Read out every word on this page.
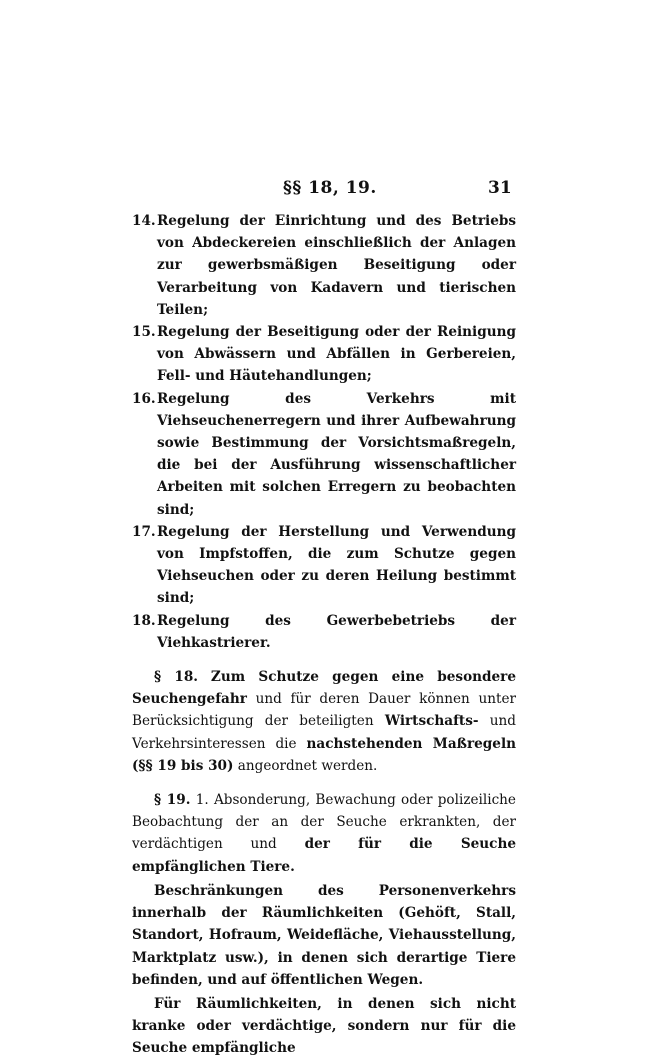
§§ 18, 19.	31
14. Regelung der Einrichtung und des Betriebs von Abdeckereien einschließlich der Anlagen zur gewerbsmäßigen Beseitigung oder Verarbeitung von Kadavern und tierischen Teilen;
15. Regelung der Beseitigung oder der Reinigung von Abwässern und Abfällen in Gerbereien, Fell- und Häutehandlungen;
16. Regelung des Verkehrs mit Viehseuchenerregern und ihrer Aufbewahrung sowie Bestimmung der Vorsichtsmaßregeln, die bei der Ausführung wissenschaftlicher Arbeiten mit solchen Erregern zu beobachten sind;
17. Regelung der Herstellung und Verwendung von Impfstoffen, die zum Schutze gegen Viehseuchen oder zu deren Heilung bestimmt sind;
18. Regelung des Gewerbebetriebs der Viehkastrierer.
§ 18. Zum Schutze gegen eine besondere Seuchengefahr und für deren Dauer können unter Berücksichtigung der beteiligten Wirtschafts- und Verkehrsinteressen die nachstehenden Maßregeln (§§ 19 bis 30) angeordnet werden.
§ 19. 1. Absonderung, Bewachung oder polizeiliche Beobachtung der an der Seuche erkrankten, der verdächtigen und der für die Seuche empfänglichen Tiere.
Beschränkungen des Personenverkehrs innerhalb der Räumlichkeiten (Gehöft, Stall, Standort, Hofraum, Weidefläche, Viehausstellung, Marktplatz usw.), in denen sich derartige Tiere befinden, und auf öffentlichen Wegen.
Für Räumlichkeiten, in denen sich nicht kranke oder verdächtige, sondern nur für die Seuche empfängliche
